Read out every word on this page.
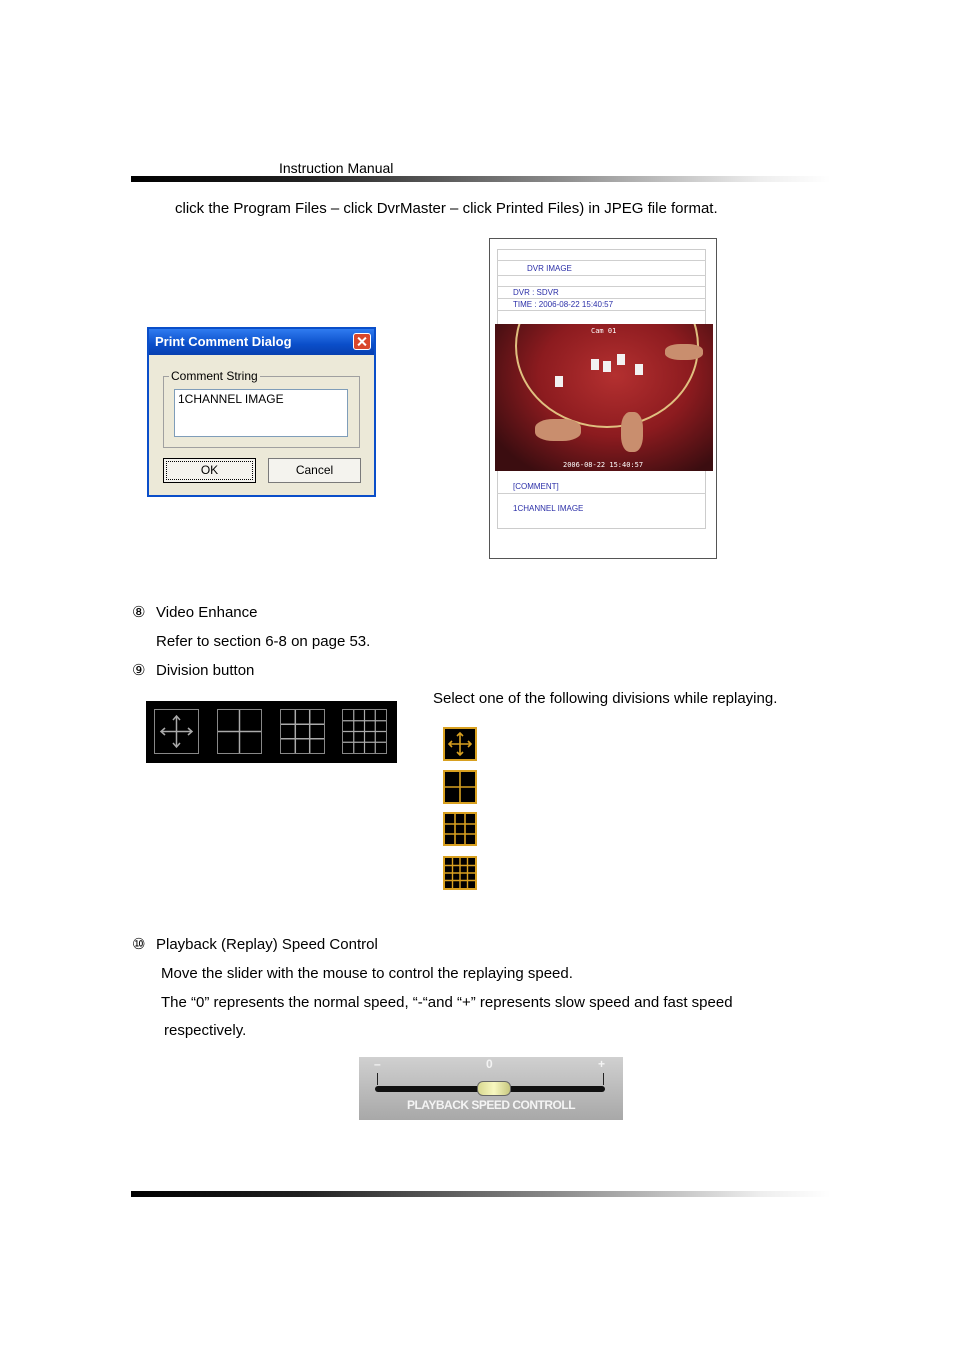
Instruction Manual
click the Program Files – click DvrMaster – click Printed Files) in JPEG file format.
Print Comment Dialog
Comment String
1CHANNEL IMAGE
OK	Cancel
DVR IMAGE
DVR : SDVR
TIME : 2006-08-22 15:40:57
Cam 01
2006-08-22 15:40:57
[COMMENT]
1CHANNEL IMAGE
⑧ Video Enhance
Refer to section 6-8 on page 53.
⑨ Division button
Select one of the following divisions while replaying.
⑩ Playback (Replay) Speed Control
Move the slider with the mouse to control the replaying speed.
The “0” represents the normal speed, “-“and “+” represents slow speed and fast speed
respectively.
–	0	+
PLAYBACK SPEED CONTROLL
